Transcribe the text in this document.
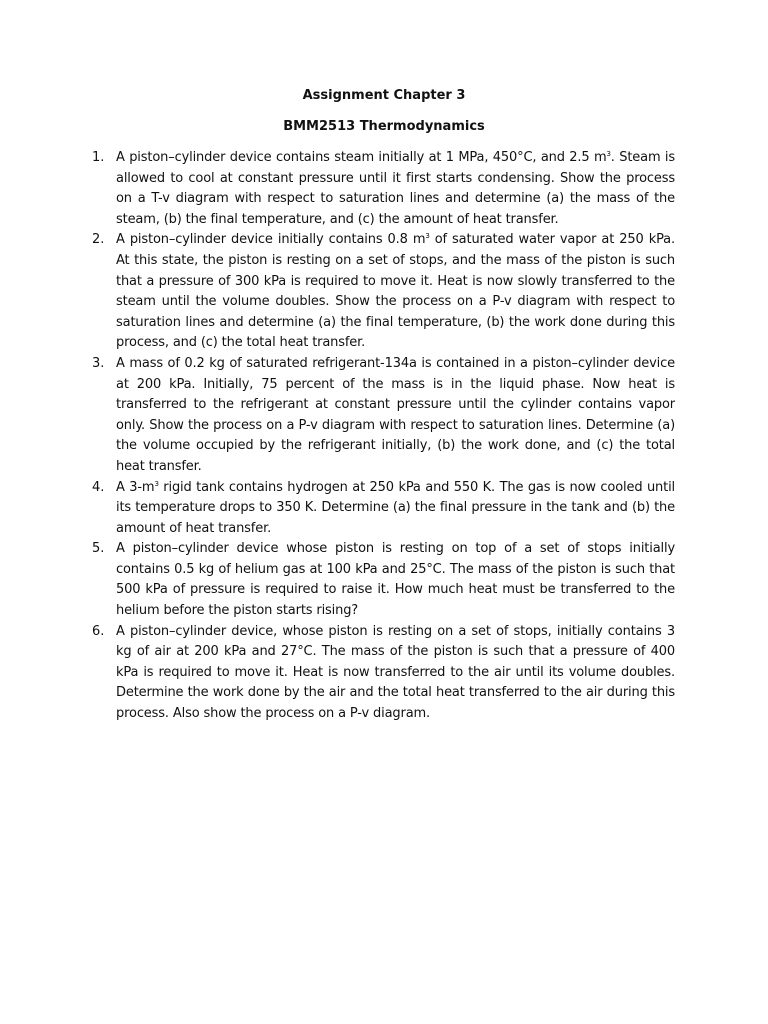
Assignment Chapter 3
BMM2513 Thermodynamics
1. A piston–cylinder device contains steam initially at 1 MPa, 450°C, and 2.5 $m^3$. Steam is allowed to cool at constant pressure until it first starts condensing. Show the process on a T-v diagram with respect to saturation lines and determine (a) the mass of the steam, (b) the final temperature, and (c) the amount of heat transfer.
2. A piston–cylinder device initially contains 0.8 $m^3$ of saturated water vapor at 250 kPa. At this state, the piston is resting on a set of stops, and the mass of the piston is such that a pressure of 300 kPa is required to move it. Heat is now slowly transferred to the steam until the volume doubles. Show the process on a P-v diagram with respect to saturation lines and determine (a) the final temperature, (b) the work done during this process, and (c) the total heat transfer.
3. A mass of 0.2 kg of saturated refrigerant-134a is contained in a piston–cylinder device at 200 kPa. Initially, 75 percent of the mass is in the liquid phase. Now heat is transferred to the refrigerant at constant pressure until the cylinder contains vapor only. Show the process on a P-v diagram with respect to saturation lines. Determine (a) the volume occupied by the refrigerant initially, (b) the work done, and (c) the total heat transfer.
4. A $3-m^3$ rigid tank contains hydrogen at 250 kPa and 550 K. The gas is now cooled until its temperature drops to 350 K. Determine (a) the final pressure in the tank and (b) the amount of heat transfer.
5. A piston–cylinder device whose piston is resting on top of a set of stops initially contains 0.5 kg of helium gas at 100 kPa and 25°C. The mass of the piston is such that 500 kPa of pressure is required to raise it. How much heat must be transferred to the helium before the piston starts rising?
6. A piston–cylinder device, whose piston is resting on a set of stops, initially contains 3 kg of air at 200 kPa and 27°C. The mass of the piston is such that a pressure of 400 kPa is required to move it. Heat is now transferred to the air until its volume doubles. Determine the work done by the air and the total heat transferred to the air during this process. Also show the process on a P-v diagram.
